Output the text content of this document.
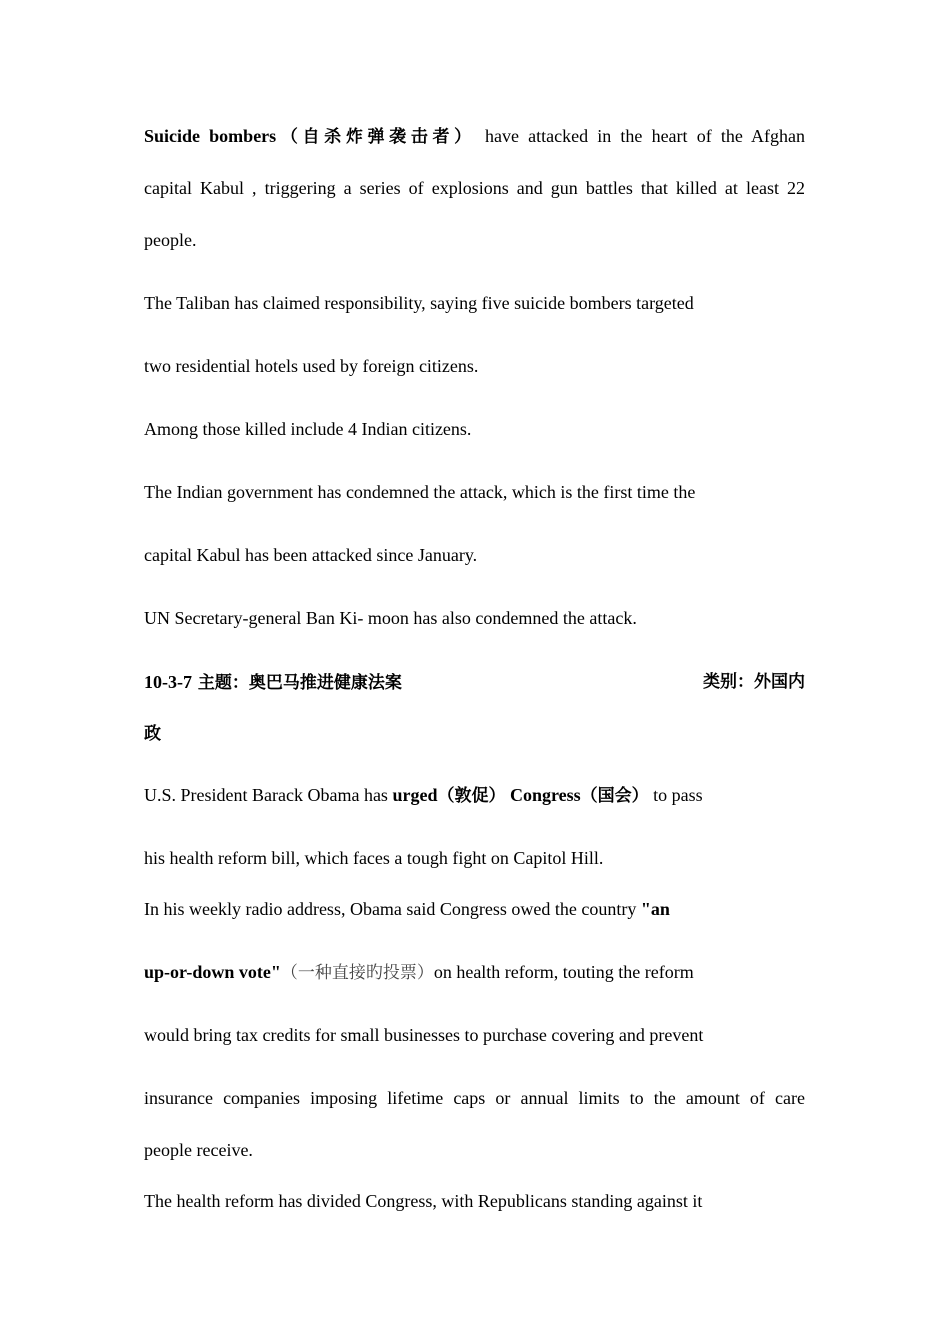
Suicide bombers（自杀炸弹袭击者） have attacked in the heart of the Afghan

capital Kabul , triggering a series of explosions and gun battles that killed at least 22

people.

The Taliban has claimed responsibility, saying five suicide bombers targeted

two residential hotels used by foreign citizens.

Among those killed include 4 Indian citizens.

The Indian government has condemned the attack, which is the first time the

capital Kabul has been attacked since January.

UN Secretary-general Ban Ki- moon has also condemned the attack.

10-3-7 主题：奥巴马推进健康法案	类别：外国内

政

U.S. President Barack Obama has urged（敦促） Congress（国会） to pass

his health reform bill, which faces a tough fight on Capitol Hill.

In his weekly radio address, Obama said Congress owed the country "an

up-or-down vote"（一种直接旳投票）on health reform, touting the reform

would bring tax credits for small businesses to purchase covering and prevent

insurance companies imposing lifetime caps or annual limits to the amount of care

people receive.

The health reform has divided Congress, with Republicans standing against it
